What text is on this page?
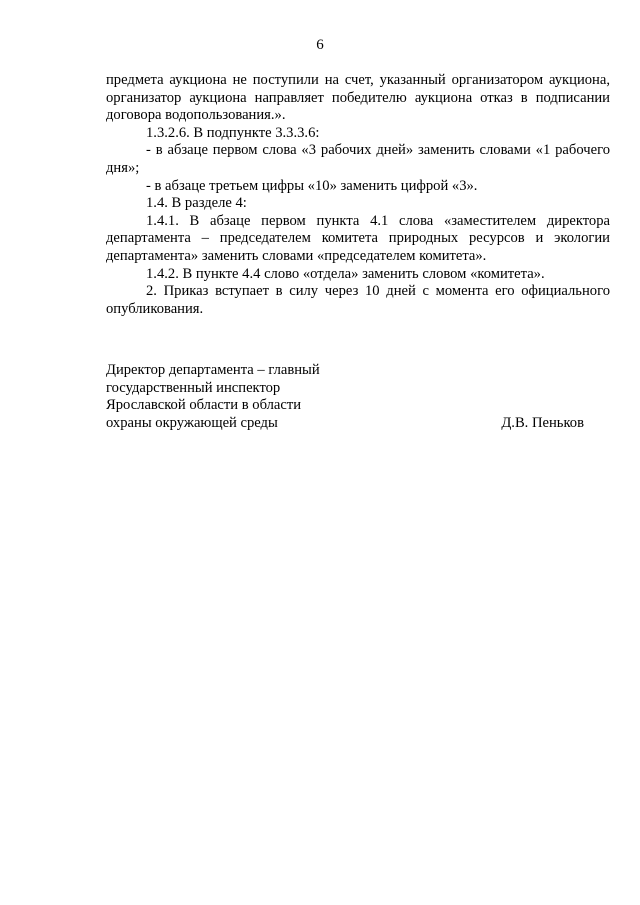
6

предмета аукциона не поступили на счет, указанный организатором аукциона, организатор аукциона направляет победителю аукциона отказ в подписании договора водопользования.».

1.3.2.6. В подпункте 3.3.3.6:

- в абзаце первом слова «3 рабочих дней» заменить словами «1 рабочего дня»;

- в абзаце третьем цифры «10» заменить цифрой «3».

1.4. В разделе 4:

1.4.1. В абзаце первом пункта 4.1 слова «заместителем директора департамента – председателем комитета природных ресурсов и экологии департамента» заменить словами «председателем комитета».

1.4.2. В пункте 4.4 слово «отдела» заменить словом «комитета».

2. Приказ вступает в силу через 10 дней с момента его официального опубликования.

Директор департамента – главный
государственный инспектор
Ярославской области в области
охраны окружающей среды	Д.В. Пеньков
